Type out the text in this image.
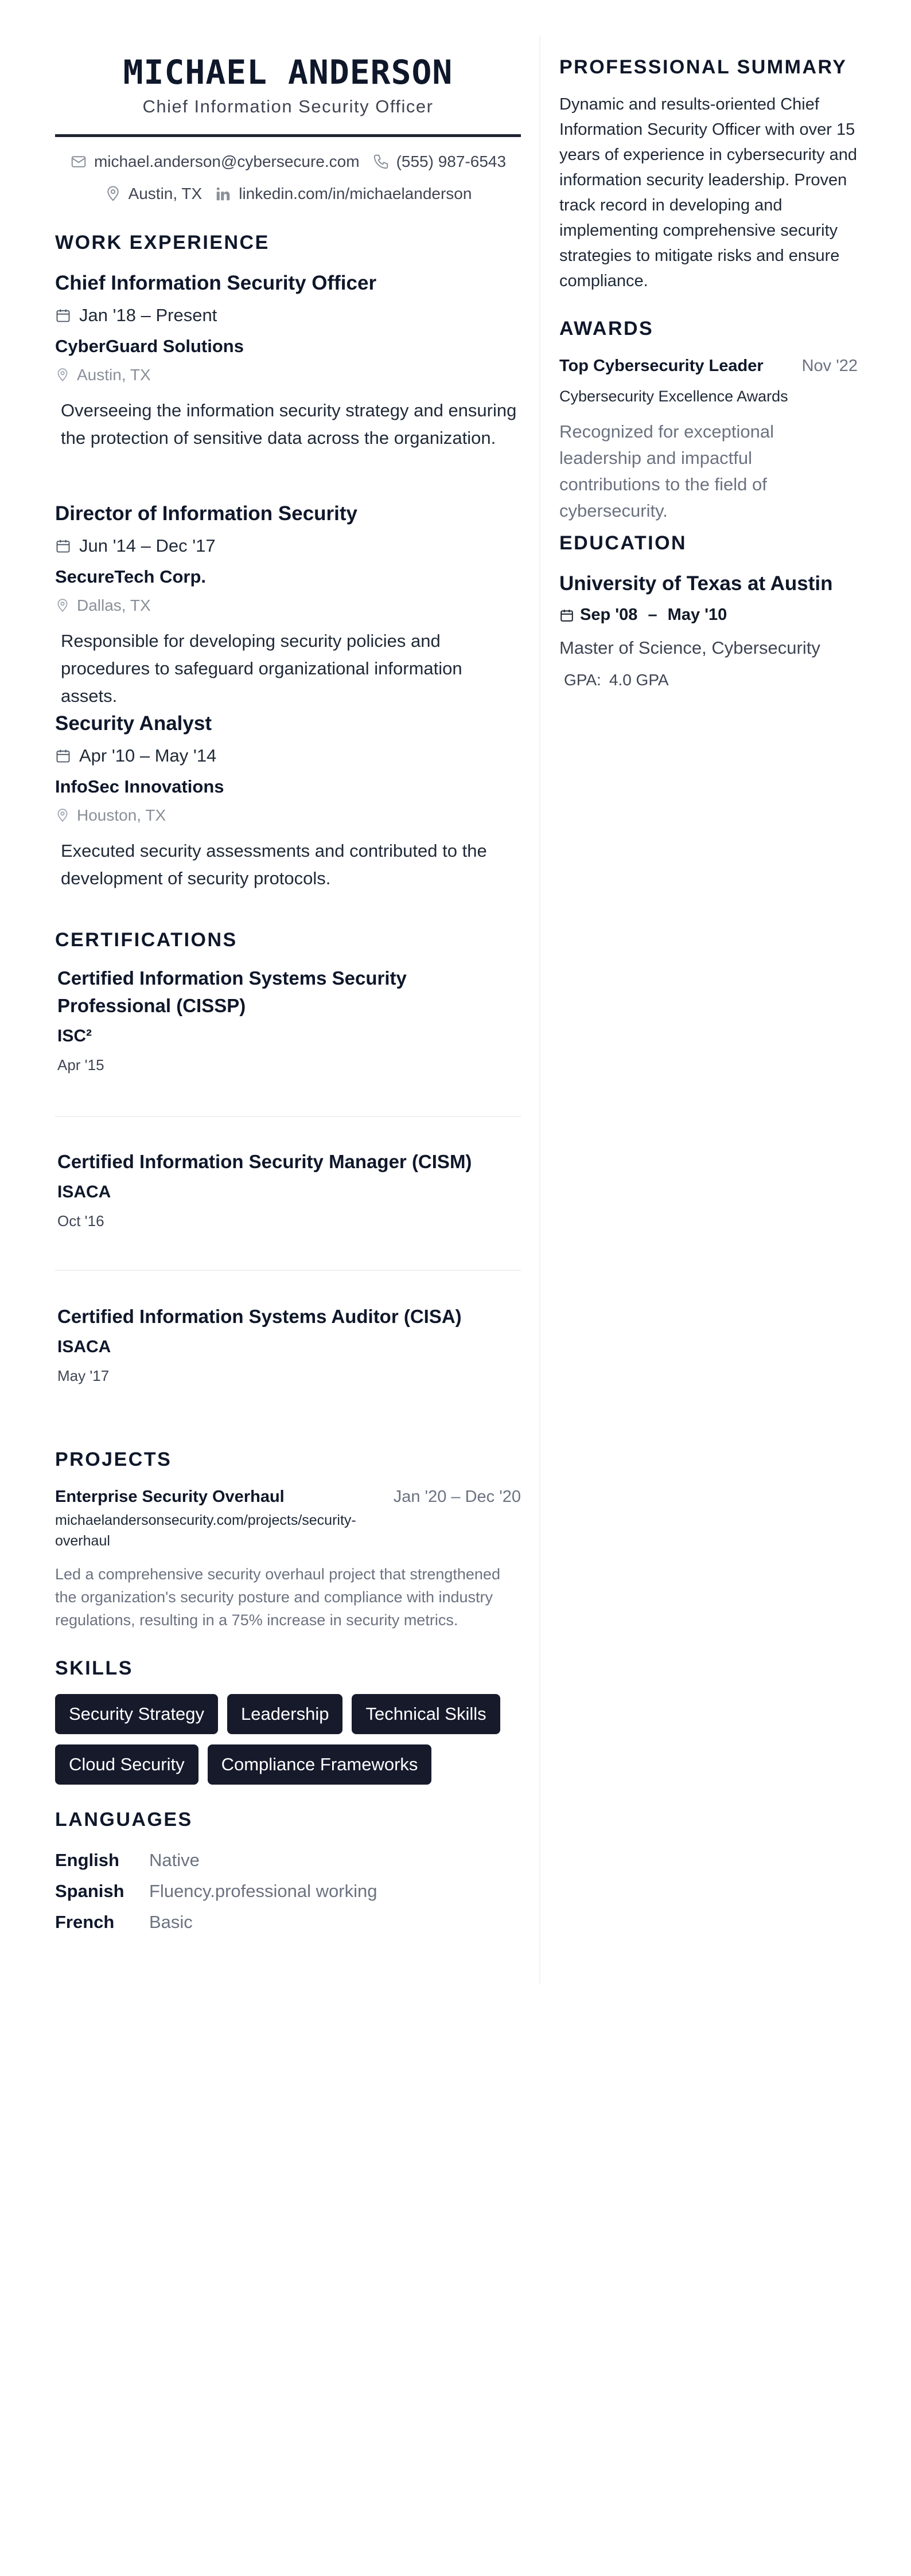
MICHAEL ANDERSON
Chief Information Security Officer
michael.anderson@cybersecure.com (555) 987-6543
Austin, TX linkedin.com/in/michaelanderson
WORK EXPERIENCE
Chief Information Security Officer
Jan '18 – Present
CyberGuard Solutions
Austin, TX
Overseeing the information security strategy and ensuring the protection of sensitive data across the organization.
Director of Information Security
Jun '14 – Dec '17
SecureTech Corp.
Dallas, TX
Responsible for developing security policies and procedures to safeguard organizational information assets.
Security Analyst
Apr '10 – May '14
InfoSec Innovations
Houston, TX
Executed security assessments and contributed to the development of security protocols.
CERTIFICATIONS
Certified Information Systems Security Professional (CISSP)
ISC²
Apr '15
Certified Information Security Manager (CISM)
ISACA
Oct '16
Certified Information Systems Auditor (CISA)
ISACA
May '17
PROJECTS
Enterprise Security Overhaul	Jan '20 – Dec '20
michaelandersonsecurity.com/projects/security-overhaul
Led a comprehensive security overhaul project that strengthened the organization's security posture and compliance with industry regulations, resulting in a 75% increase in security metrics.
SKILLS
Security Strategy	Leadership	Technical Skills
Cloud Security	Compliance Frameworks
LANGUAGES
English	Native
Spanish	Fluency.professional working
French	Basic
PROFESSIONAL SUMMARY
Dynamic and results-oriented Chief Information Security Officer with over 15 years of experience in cybersecurity and information security leadership. Proven track record in developing and implementing comprehensive security strategies to mitigate risks and ensure compliance.
AWARDS
Top Cybersecurity Leader Nov '22
Cybersecurity Excellence Awards
Recognized for exceptional leadership and impactful contributions to the field of cybersecurity.
EDUCATION
University of Texas at Austin
Sep '08 – May '10
Master of Science, Cybersecurity
GPA: 4.0 GPA
